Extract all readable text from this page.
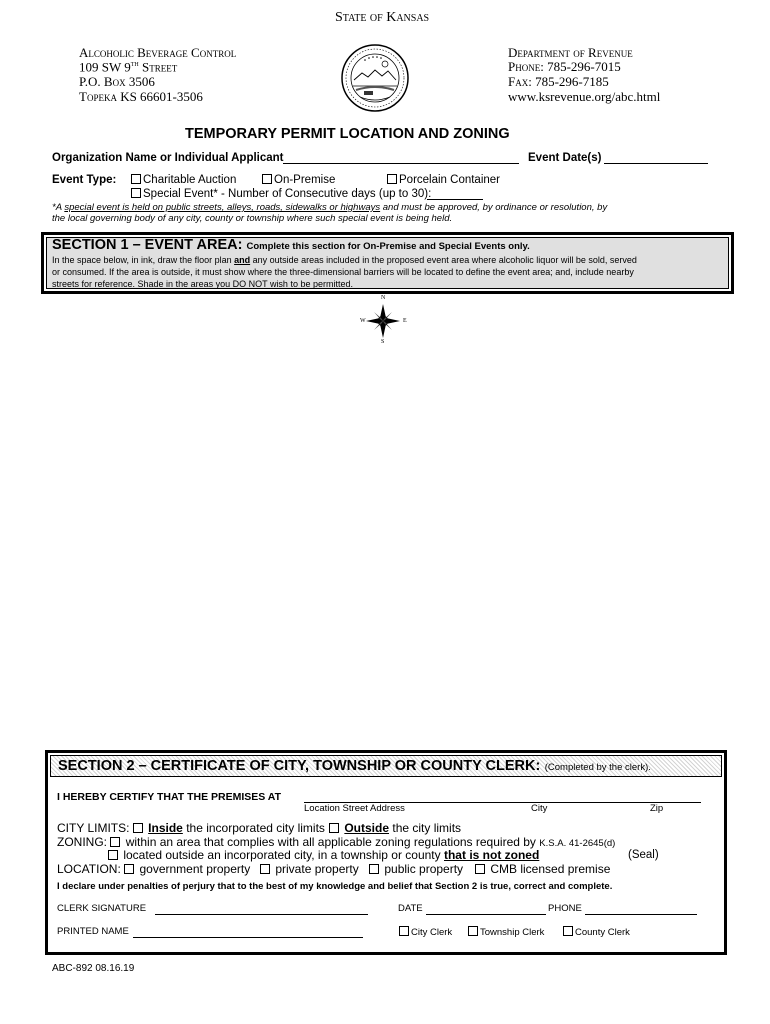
State of Kansas
Alcoholic Beverage Control
109 SW 9th Street
P.O. Box 3506
Topeka KS 66601-3506
Department of Revenue
Phone: 785-296-7015
Fax: 785-296-7185
www.ksrevenue.org/abc.html
TEMPORARY PERMIT LOCATION AND ZONING
Organization Name or Individual Applicant	Event Date(s)
Event Type:	Charitable Auction	On-Premise	Porcelain Container
Special Event* - Number of Consecutive days (up to 30):
*A special event is held on public streets, alleys, roads, sidewalks or highways and must be approved, by ordinance or resolution, by
the local governing body of any city, county or township where such special event is being held.
SECTION 1 – EVENT AREA: Complete this section for On-Premise and Special Events only.
In the space below, in ink, draw the floor plan and any outside areas included in the proposed event area where alcoholic liquor will be sold, served
or consumed. If the area is outside, it must show where the three-dimensional barriers will be located to define the event area; and, include nearby
streets for reference. Shade in the areas you DO NOT wish to be permitted.
N
S
E
W
SECTION 2 – CERTIFICATE OF CITY, TOWNSHIP OR COUNTY CLERK: (Completed by the clerk).
I HEREBY CERTIFY THAT THE PREMISES AT
Location Street Address	City	Zip
CITY LIMITS: Inside the incorporated city limits	Outside the city limits
ZONING: within an area that complies with all applicable zoning regulations required by K.S.A. 41-2645(d)
located outside an incorporated city, in a township or county that is not zoned	(Seal)
LOCATION: government property	private property	public property	CMB licensed premise
I declare under penalties of perjury that to the best of my knowledge and belief that Section 2 is true, correct and complete.
CLERK SIGNATURE	DATE	PHONE
PRINTED NAME	City Clerk	Township Clerk	County Clerk
ABC-892 08.16.19
